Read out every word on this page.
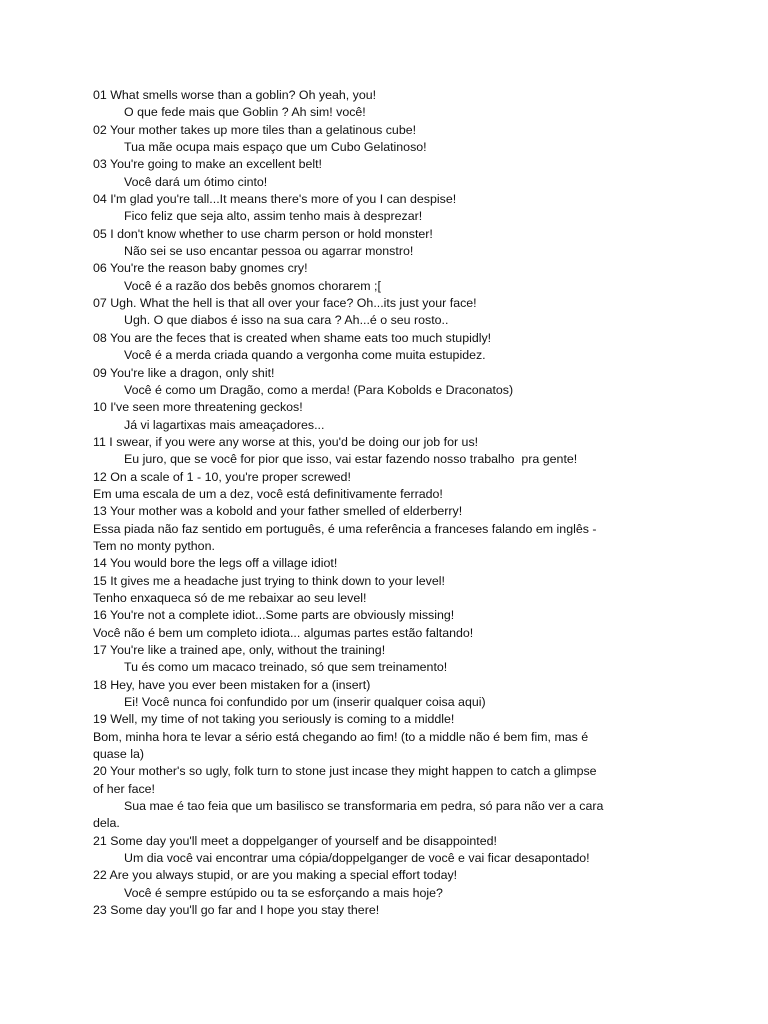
01 What smells worse than a goblin? Oh yeah, you!
O que fede mais que Goblin ? Ah sim! você!
02 Your mother takes up more tiles than a gelatinous cube!
Tua mãe ocupa mais espaço que um Cubo Gelatinoso!
03 You're going to make an excellent belt!
Você dará um ótimo cinto!
04 I'm glad you're tall...It means there's more of you I can despise!
Fico feliz que seja alto, assim tenho mais à desprezar!
05 I don't know whether to use charm person or hold monster!
Não sei se uso encantar pessoa ou agarrar monstro!
06 You're the reason baby gnomes cry!
Você é a razão dos bebês gnomos chorarem ;[
07 Ugh. What the hell is that all over your face? Oh...its just your face!
Ugh. O que diabos é isso na sua cara ? Ah...é o seu rosto..
08 You are the feces that is created when shame eats too much stupidly!
Você é a merda criada quando a vergonha come muita estupidez.
09 You're like a dragon, only shit!
Você é como um Dragão, como a merda! (Para Kobolds e Draconatos)
10 I've seen more threatening geckos!
Já vi lagartixas mais ameaçadores...
11 I swear, if you were any worse at this, you'd be doing our job for us!
Eu juro, que se você for pior que isso, vai estar fazendo nosso trabalho  pra gente!
12 On a scale of 1 - 10, you're proper screwed!
Em uma escala de um a dez, você está definitivamente ferrado!
13 Your mother was a kobold and your father smelled of elderberry!
Essa piada não faz sentido em português, é uma referência a franceses falando em inglês -
Tem no monty python.
14 You would bore the legs off a village idiot!
15 It gives me a headache just trying to think down to your level!
Tenho enxaqueca só de me rebaixar ao seu level!
16 You're not a complete idiot...Some parts are obviously missing!
Você não é bem um completo idiota... algumas partes estão faltando!
17 You're like a trained ape, only, without the training!
Tu és como um macaco treinado, só que sem treinamento!
18 Hey, have you ever been mistaken for a (insert)
Ei! Você nunca foi confundido por um (inserir qualquer coisa aqui)
19 Well, my time of not taking you seriously is coming to a middle!
Bom, minha hora te levar a sério está chegando ao fim! (to a middle não é bem fim, mas é
quase la)
20 Your mother's so ugly, folk turn to stone just incase they might happen to catch a glimpse
of her face!
Sua mae é tao feia que um basilisco se transformaria em pedra, só para não ver a cara
dela.
21 Some day you'll meet a doppelganger of yourself and be disappointed!
Um dia você vai encontrar uma cópia/doppelganger de você e vai ficar desapontado!
22 Are you always stupid, or are you making a special effort today!
Você é sempre estúpido ou ta se esforçando a mais hoje?
23 Some day you'll go far and I hope you stay there!
